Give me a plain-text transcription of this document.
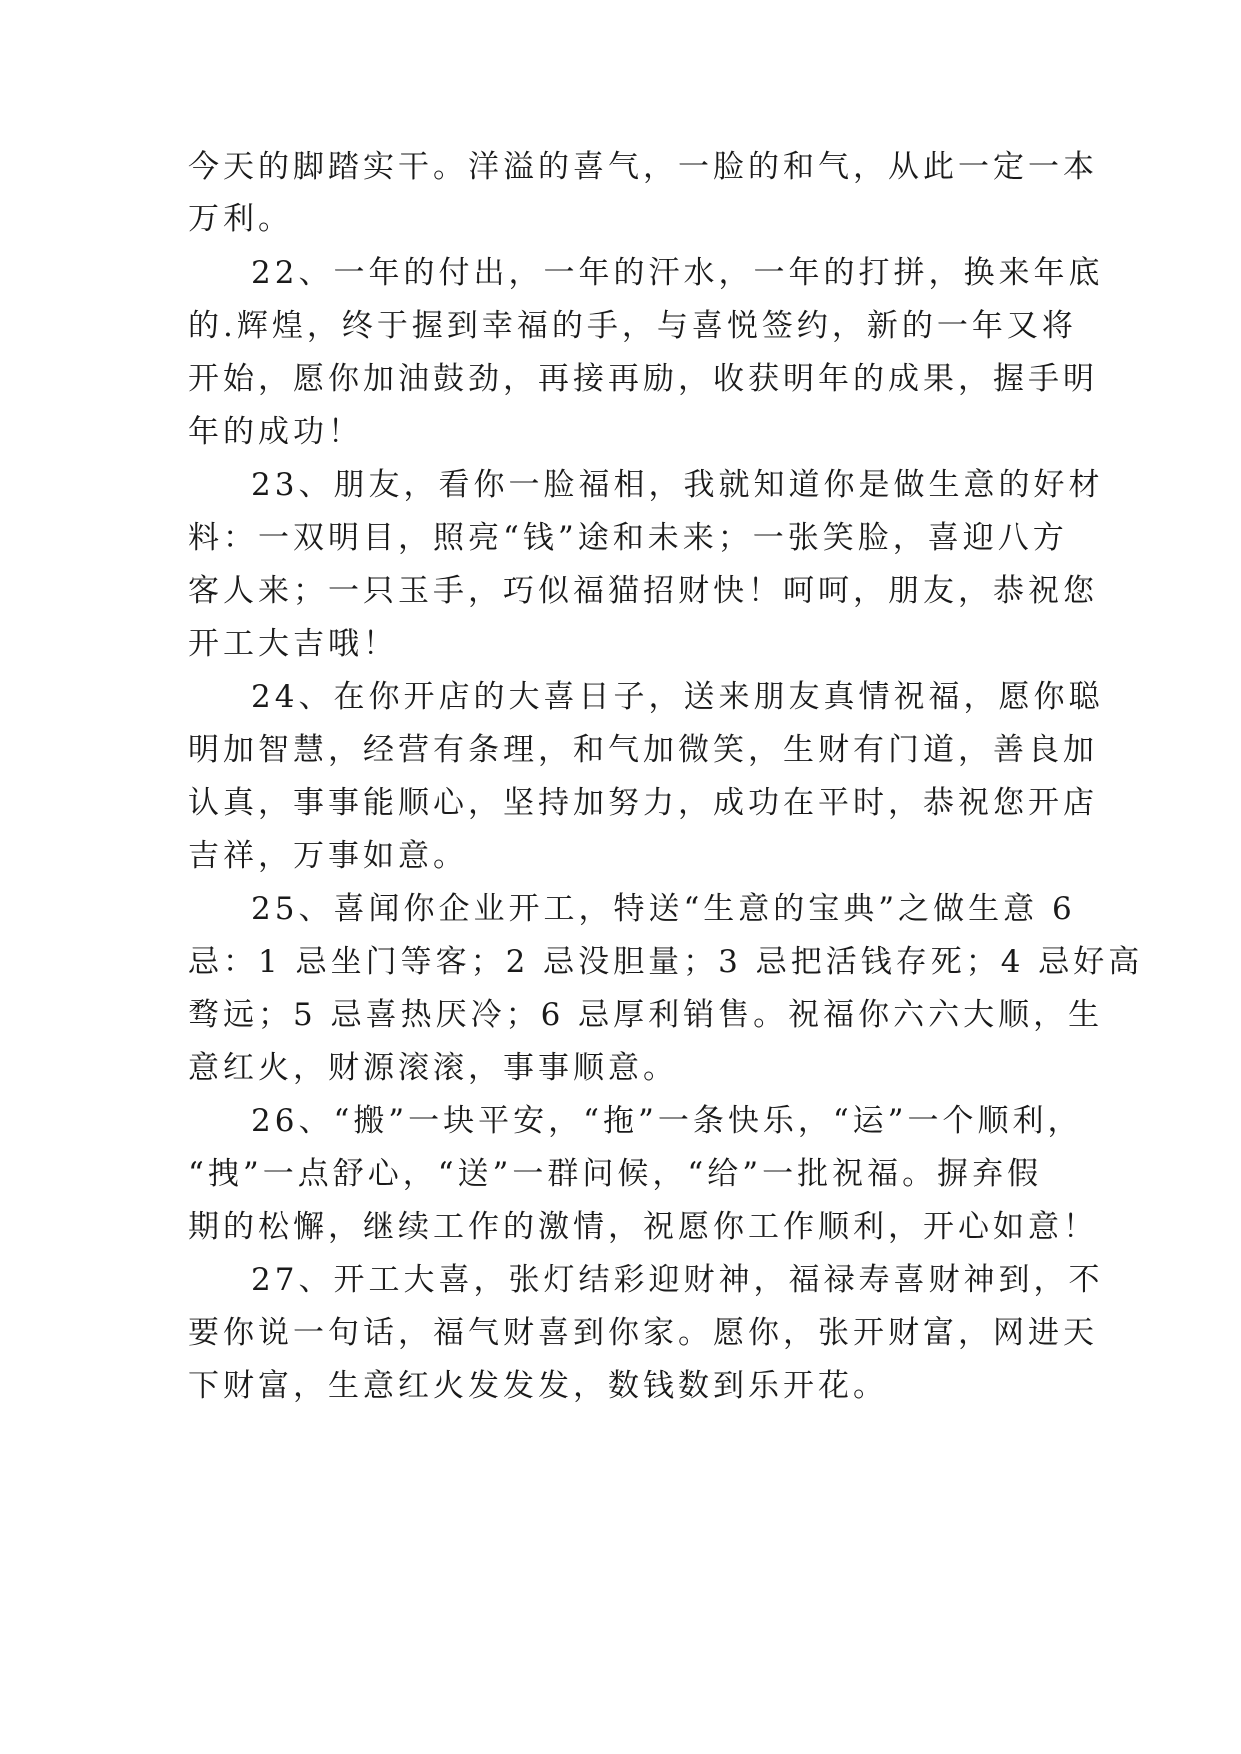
今天的脚踏实干。洋溢的喜气，一脸的和气，从此一定一本
万利。
22、一年的付出，一年的汗水，一年的打拼，换来年底
的.辉煌，终于握到幸福的手，与喜悦签约，新的一年又将
开始，愿你加油鼓劲，再接再励，收获明年的成果，握手明
年的成功！
23、朋友，看你一脸福相，我就知道你是做生意的好材
料：一双明目，照亮“钱”途和未来；一张笑脸，喜迎八方
客人来；一只玉手，巧似福猫招财快！呵呵，朋友，恭祝您
开工大吉哦！
24、在你开店的大喜日子，送来朋友真情祝福，愿你聪
明加智慧，经营有条理，和气加微笑，生财有门道，善良加
认真，事事能顺心，坚持加努力，成功在平时，恭祝您开店
吉祥，万事如意。
25、喜闻你企业开工，特送“生意的宝典”之做生意 6
忌：1 忌坐门等客；2 忌没胆量；3 忌把活钱存死；4 忌好高
骛远；5 忌喜热厌冷；6 忌厚利销售。祝福你六六大顺，生
意红火，财源滚滚，事事顺意。
26、“搬”一块平安，“拖”一条快乐，“运”一个顺利，
“拽”一点舒心，“送”一群问候，“给”一批祝福。摒弃假
期的松懈，继续工作的激情，祝愿你工作顺利，开心如意！
27、开工大喜，张灯结彩迎财神，福禄寿喜财神到，不
要你说一句话，福气财喜到你家。愿你，张开财富，网进天
下财富，生意红火发发发，数钱数到乐开花。
